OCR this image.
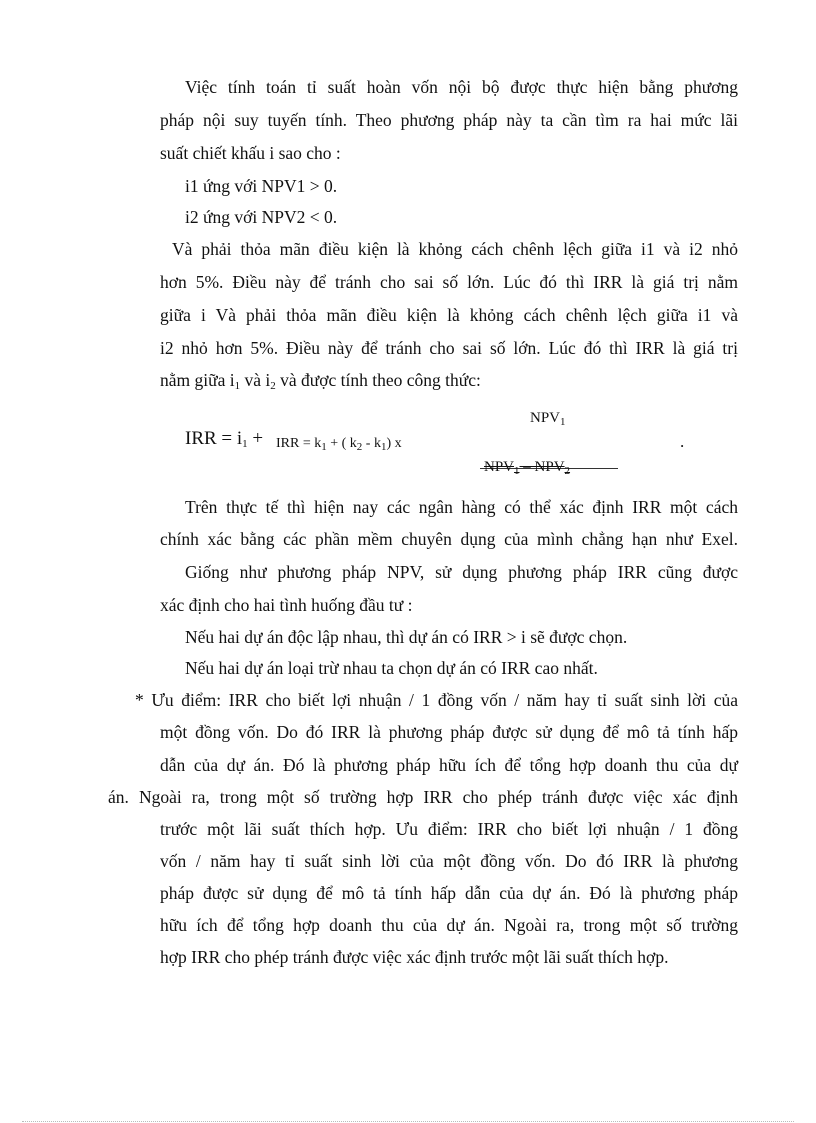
Việc tính toán tỉ suất hoàn vốn nội bộ được thực hiện bằng phương
pháp nội suy tuyến tính. Theo phương pháp này ta cần tìm ra hai mức lãi
suất chiết khấu i sao cho :
i1 ứng với NPV1 > 0.
i2 ứng với NPV2 < 0.
Và phải thỏa mãn điều kiện là khỏng cách chênh lệch giữa i1 và i2 nhỏ
hơn 5%. Điều này để tránh cho sai số lớn. Lúc đó thì IRR là giá trị nằm
giữa i Và phải thỏa mãn điều kiện là khỏng cách chênh lệch giữa i1 và
i2 nhỏ hơn 5%. Điều này để tránh cho sai số lớn. Lúc đó thì IRR là giá trị
nằm giữa $i_1$ và $i_2$ và được tính theo công thức:
IRR = $i_1$ + IRR = $k_1$ + ( $k_2 - k_1$) x
$NPV_1$
$NPV_1 - NPV_2$
.
Trên thực tế thì hiện nay các ngân hàng có thể xác định IRR một cách
chính xác bằng các phần mềm chuyên dụng của mình chẳng hạn như Exel.
Giống như phương pháp NPV, sử dụng phương pháp IRR cũng được
xác định cho hai tình huống đầu tư :
Nếu hai dự án độc lập nhau, thì dự án có IRR > i sẽ được chọn.
Nếu hai dự án loại trừ nhau ta chọn dự án có IRR cao nhất.
* Ưu điểm: IRR cho biết lợi nhuận / 1 đồng vốn / năm hay tỉ suất sinh lời của
một đồng vốn. Do đó IRR là phương pháp được sử dụng để mô tả tính hấp
dẫn của dự án. Đó là phương pháp hữu ích để tổng hợp doanh thu của dự
án. Ngoài ra, trong một số trường hợp IRR cho phép tránh được việc xác định
trước một lãi suất thích hợp. Ưu điểm: IRR cho biết lợi nhuận / 1 đồng
vốn / năm hay tỉ suất sinh lời của một đồng vốn. Do đó IRR là phương
pháp được sử dụng để mô tả tính hấp dẫn của dự án. Đó là phương pháp
hữu ích để tổng hợp doanh thu của dự án. Ngoài ra, trong một số trường
hợp IRR cho phép tránh được việc xác định trước một lãi suất thích hợp.
